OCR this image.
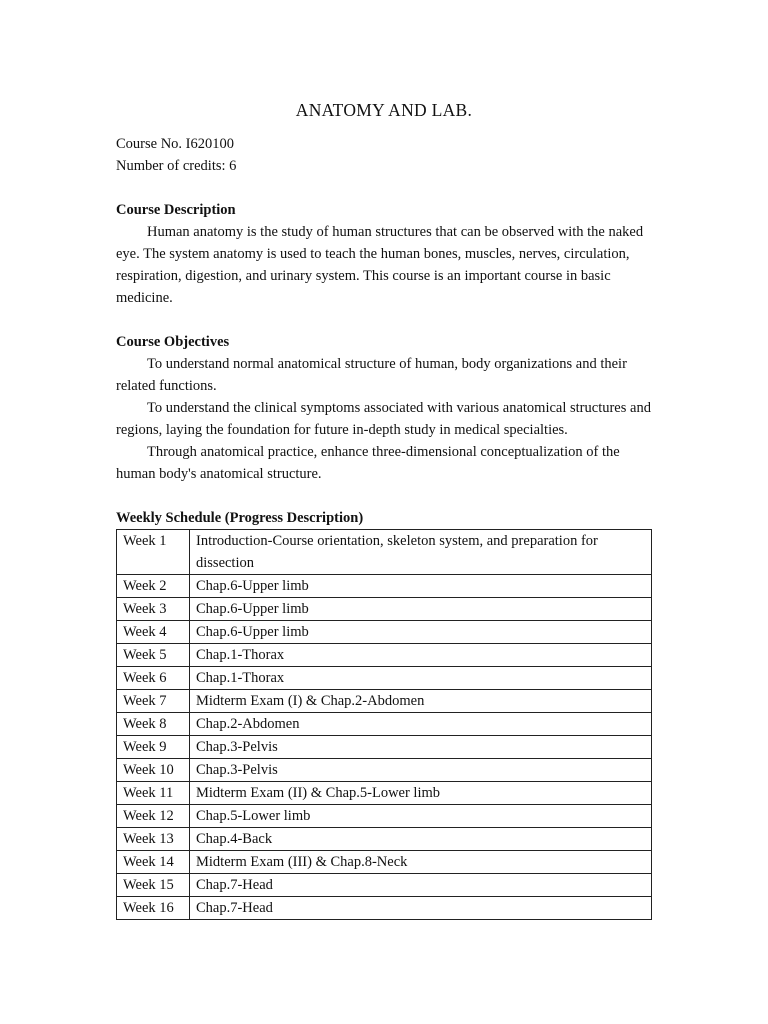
ANATOMY AND LAB.

Course No. I620100

Number of credits: 6

Course Description

Human anatomy is the study of human structures that can be observed with the naked eye. The system anatomy is used to teach the human bones, muscles, nerves, circulation, respiration, digestion, and urinary system. This course is an important course in basic medicine.

Course Objectives

To understand normal anatomical structure of human, body organizations and their related functions.

To understand the clinical symptoms associated with various anatomical structures and regions, laying the foundation for future in-depth study in medical specialties.

Through anatomical practice, enhance three-dimensional conceptualization of the human body's anatomical structure.

Weekly Schedule (Progress Description)

Week 1	Introduction-Course orientation, skeleton system, and preparation for dissection
Week 2	Chap.6-Upper limb
Week 3	Chap.6-Upper limb
Week 4	Chap.6-Upper limb
Week 5	Chap.1-Thorax
Week 6	Chap.1-Thorax
Week 7	Midterm Exam (I) & Chap.2-Abdomen
Week 8	Chap.2-Abdomen
Week 9	Chap.3-Pelvis
Week 10	Chap.3-Pelvis
Week 11	Midterm Exam (II) & Chap.5-Lower limb
Week 12	Chap.5-Lower limb
Week 13	Chap.4-Back
Week 14	Midterm Exam (III) & Chap.8-Neck
Week 15	Chap.7-Head
Week 16	Chap.7-Head
